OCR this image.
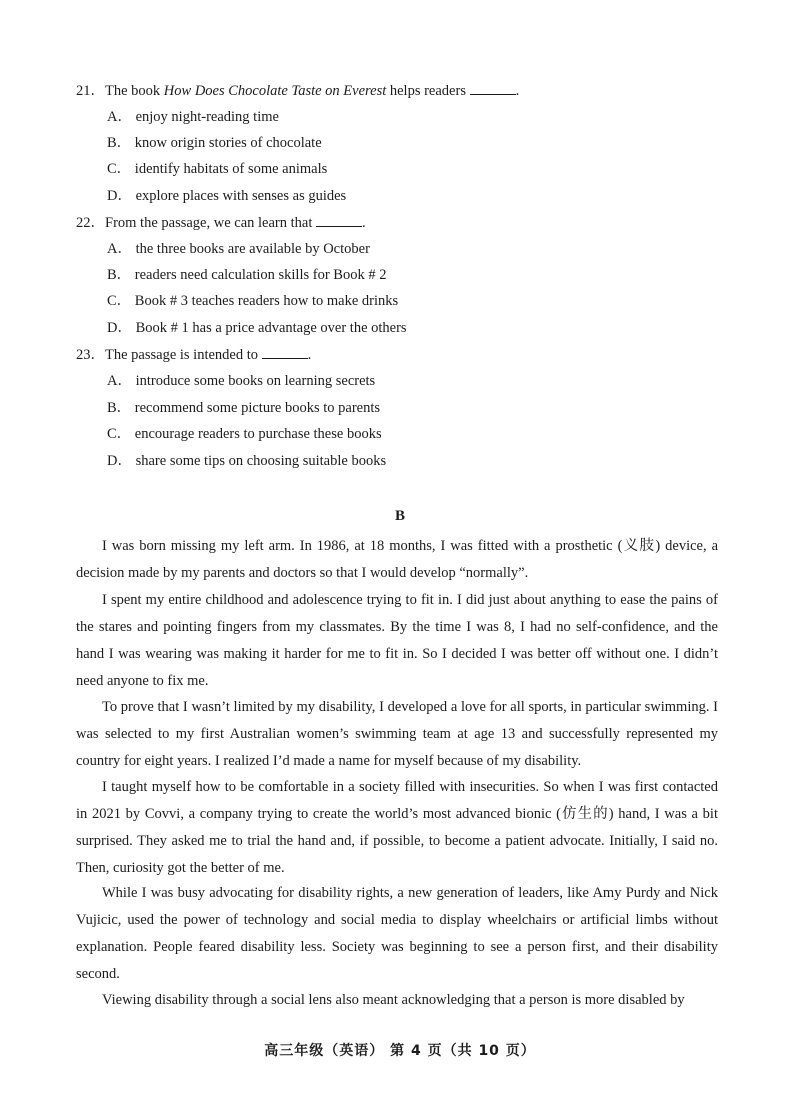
21．The book How Does Chocolate Taste on Everest helps readers	.
A． enjoy night-reading time
B． know origin stories of chocolate
C． identify habitats of some animals
D． explore places with senses as guides
22．From the passage, we can learn that	.
A． the three books are available by October
B． readers need calculation skills for Book # 2
C． Book # 3 teaches readers how to make drinks
D． Book # 1 has a price advantage over the others
23．The passage is intended to	.
A． introduce some books on learning secrets
B． recommend some picture books to parents
C． encourage readers to purchase these books
D． share some tips on choosing suitable books
B

I was born missing my left arm. In 1986, at 18 months, I was fitted with a prosthetic (义肢) device, a decision made by my parents and doctors so that I would develop “normally”.

I spent my entire childhood and adolescence trying to fit in. I did just about anything to ease the pains of the stares and pointing fingers from my classmates. By the time I was 8, I had no self-confidence, and the hand I was wearing was making it harder for me to fit in. So I decided I was better off without one. I didn’t need anyone to fix me.

To prove that I wasn’t limited by my disability, I developed a love for all sports, in particular swimming. I was selected to my first Australian women’s swimming team at age 13 and successfully represented my country for eight years. I realized I’d made a name for myself because of my disability.

I taught myself how to be comfortable in a society filled with insecurities. So when I was first contacted in 2021 by Covvi, a company trying to create the world’s most advanced bionic (仿生的) hand, I was a bit surprised. They asked me to trial the hand and, if possible, to become a patient advocate. Initially, I said no. Then, curiosity got the better of me.

While I was busy advocating for disability rights, a new generation of leaders, like Amy Purdy and Nick Vujicic, used the power of technology and social media to display wheelchairs or artificial limbs without explanation. People feared disability less. Society was beginning to see a person first, and their disability second.

Viewing disability through a social lens also meant acknowledging that a person is more disabled by

高三年级（英语） 第 4 页（共 10 页）
